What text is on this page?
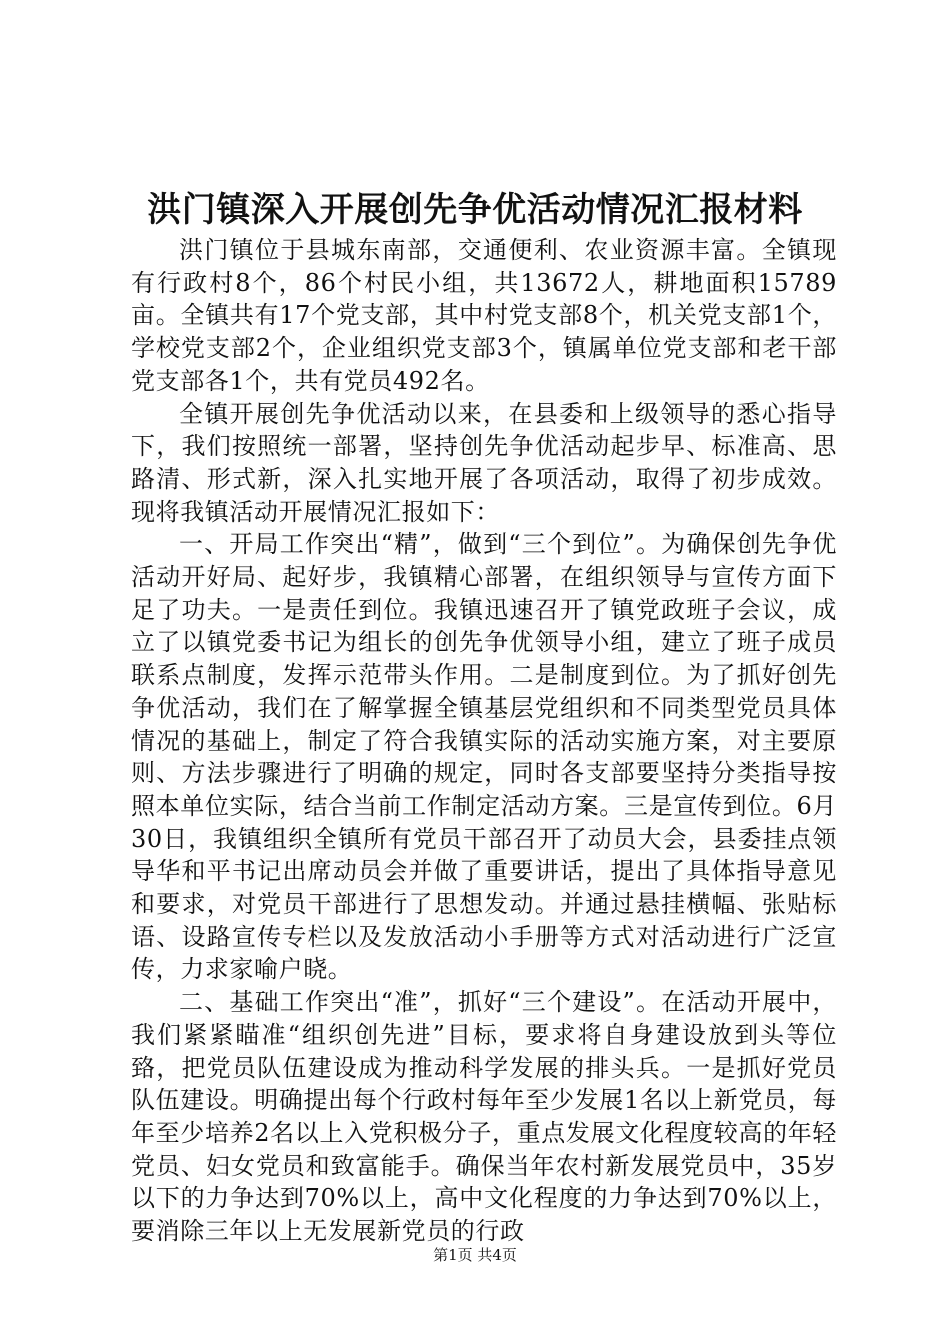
洪门镇深入开展创先争优活动情况汇报材料

洪门镇位于县城东南部，交通便利、农业资源丰富。全镇现有行政村8个，86个村民小组，共13672人，耕地面积15789亩。全镇共有17个党支部，其中村党支部8个，机关党支部1个，学校党支部2个，企业组织党支部3个，镇属单位党支部和老干部党支部各1个，共有党员492名。

全镇开展创先争优活动以来，在县委和上级领导的悉心指导下，我们按照统一部署，坚持创先争优活动起步早、标准高、思路清、形式新，深入扎实地开展了各项活动，取得了初步成效。现将我镇活动开展情况汇报如下：

一、开局工作突出“精”，做到“三个到位”。为确保创先争优活动开好局、起好步，我镇精心部署，在组织领导与宣传方面下足了功夫。一是责任到位。我镇迅速召开了镇党政班子会议，成立了以镇党委书记为组长的创先争优领导小组，建立了班子成员联系点制度，发挥示范带头作用。二是制度到位。为了抓好创先争优活动，我们在了解掌握全镇基层党组织和不同类型党员具体情况的基础上，制定了符合我镇实际的活动实施方案，对主要原则、方法步骤进行了明确的规定，同时各支部要坚持分类指导按照本单位实际，结合当前工作制定活动方案。三是宣传到位。6月30日，我镇组织全镇所有党员干部召开了动员大会，县委挂点领导华和平书记出席动员会并做了重要讲话，提出了具体指导意见和要求，对党员干部进行了思想发动。并通过悬挂横幅、张贴标语、设路宣传专栏以及发放活动小手册等方式对活动进行广泛宣传，力求家喻户晓。

二、基础工作突出“准”，抓好“三个建设”。在活动开展中，我们紧紧瞄准“组织创先进”目标，要求将自身建设放到头等位臵，把党员队伍建设成为推动科学发展的排头兵。一是抓好党员队伍建设。明确提出每个行政村每年至少发展1名以上新党员，每年至少培养2名以上入党积极分子，重点发展文化程度较高的年轻党员、妇女党员和致富能手。确保当年农村新发展党员中，35岁以下的力争达到70%以上，高中文化程度的力争达到70%以上，要消除三年以上无发展新党员的行政

第1页 共4页
